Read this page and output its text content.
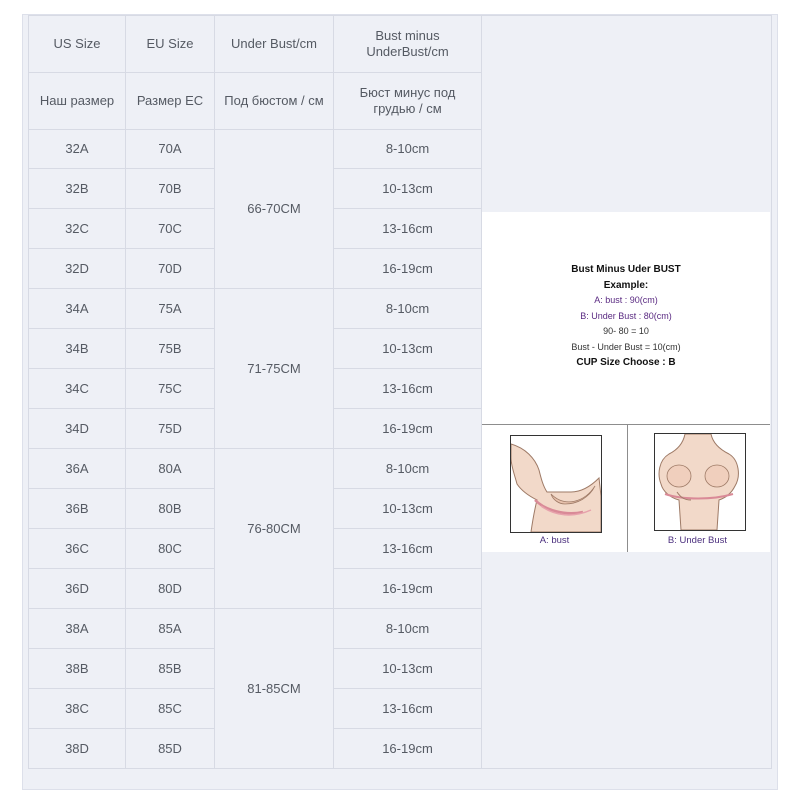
US Size	EU Size	Under Bust/cm	Bust minus UnderBust/cm	
Наш размер	Размер ЕС	Под бюстом / см	Бюст минус под грудью / см	
32A	70A	66-70CM	8-10cm	
32B	70B		10-13cm	
32C	70C		13-16cm	
32D	70D		16-19cm	
34A	75A	71-75CM	8-10cm	
34B	75B		10-13cm	
34C	75C		13-16cm	
34D	75D		16-19cm	
36A	80A	76-80CM	8-10cm	
36B	80B		10-13cm	
36C	80C		13-16cm	
36D	80D		16-19cm	
38A	85A	81-85CM	8-10cm	
38B	85B		10-13cm	
38C	85C		13-16cm	
38D	85D		16-19cm	
Bust Minus Uder BUST
Example:
A: bust : 90(cm)
B: Under Bust : 80(cm)
90- 80 = 10
Bust - Under Bust = 10(cm)
CUP Size Choose : B
A: bust	B: Under Bust
